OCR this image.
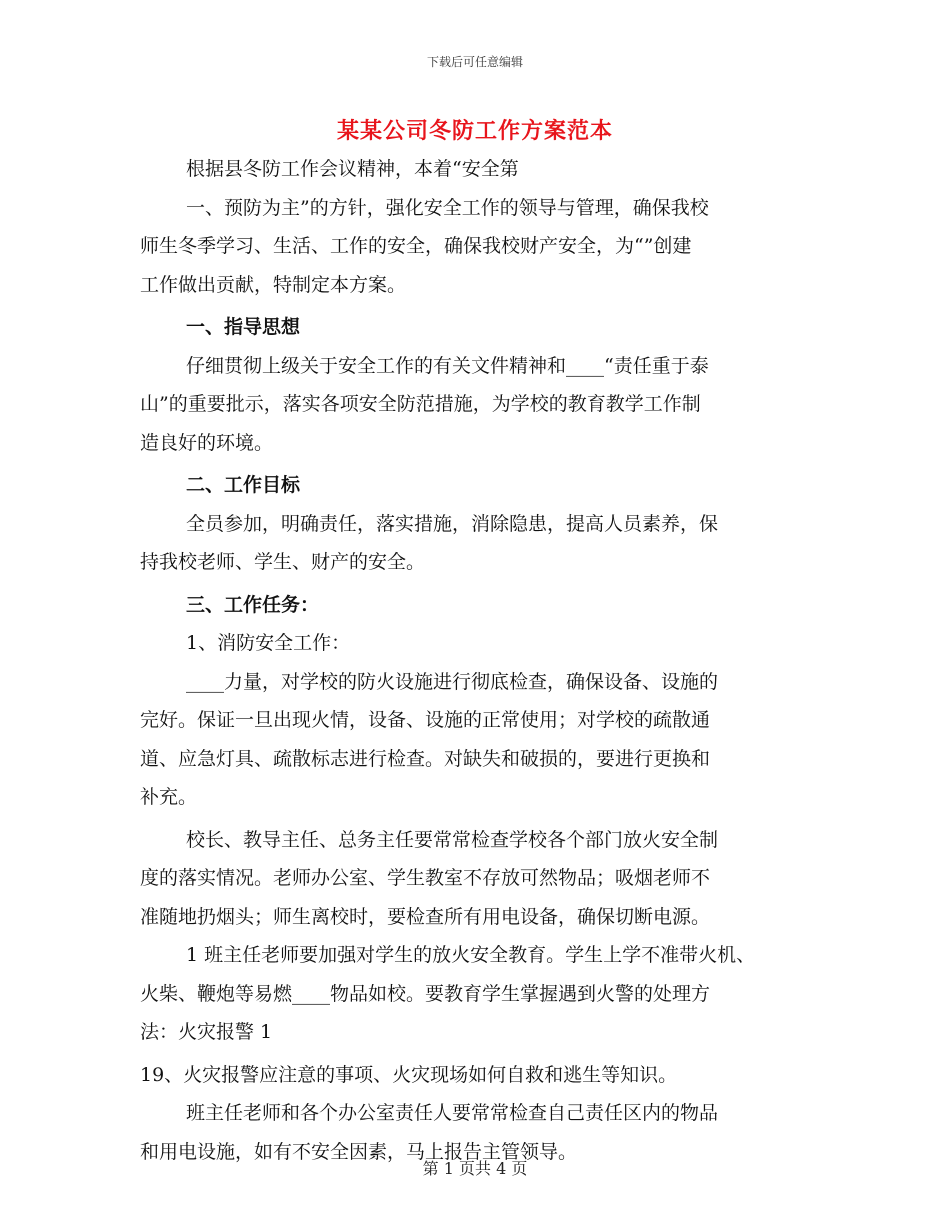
下载后可任意编辑
某某公司冬防工作方案范本
根据县冬防工作会议精神，本着“安全第
一、预防为主”的方针，强化安全工作的领导与管理，确保我校
师生冬季学习、生活、工作的安全，确保我校财产安全，为“”创建
工作做出贡献，特制定本方案。
一、指导思想
仔细贯彻上级关于安全工作的有关文件精神和____“责任重于泰
山”的重要批示，落实各项安全防范措施，为学校的教育教学工作制
造良好的环境。
二、工作目标
全员参加，明确责任，落实措施，消除隐患，提高人员素养，保
持我校老师、学生、财产的安全。
三、工作任务：
1、消防安全工作：
____力量，对学校的防火设施进行彻底检查，确保设备、设施的
完好。保证一旦出现火情，设备、设施的正常使用；对学校的疏散通
道、应急灯具、疏散标志进行检查。对缺失和破损的，要进行更换和
补充。
校长、教导主任、总务主任要常常检查学校各个部门放火安全制
度的落实情况。老师办公室、学生教室不存放可然物品；吸烟老师不
准随地扔烟头；师生离校时，要检查所有用电设备，确保切断电源。
1 班主任老师要加强对学生的放火安全教育。学生上学不准带火机、
火柴、鞭炮等易燃____物品如校。要教育学生掌握遇到火警的处理方
法：火灾报警 1
19、火灾报警应注意的事项、火灾现场如何自救和逃生等知识。
班主任老师和各个办公室责任人要常常检查自己责任区内的物品
和用电设施，如有不安全因素，马上报告主管领导。
第 1 页共 4 页
